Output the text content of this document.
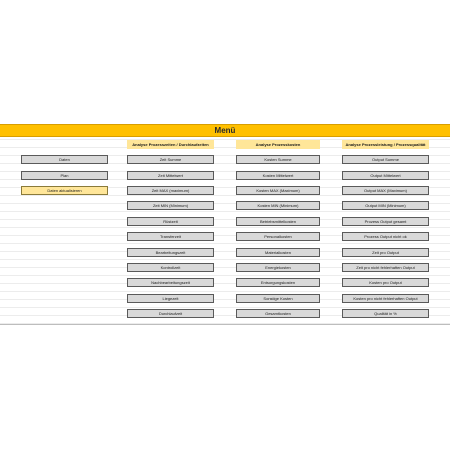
Menü
Daten
Plan
Daten aktualisieren
Analyse Prozesszeiten / Durchlaufzeiten	Analyse Prozesskosten	Analyse Prozessleistung / Prozessqualität
Zeit Summe
Zeit Mittelwert
Zeit MAX (maximum)
Zeit MIN (Minimum)
Rüstzeit
Transferzeit
Bearbeitungszeit
Kontrollzeit
Nachbearbeitungszeit
Liegezeit
Durchlaufzeit
Kosten Summe
Kosten Mittelwert
Kosten MAX (Maximum)
Kosten MIN (Minimum)
Betriebsmittelkosten
Personalkosten
Materialkosten
Energiekosten
Entsorgungskosten
Sonstige Kosten
Gesamtkosten
Output Summe
Output Mittelwert
Output MAX (Maximum)
Output MIN (Minimum)
Prozess Output gesamt
Prozess Output nicht ok
Zeit pro Output
Zeit pro nicht fehlerhaften Output
Kosten pro Output
Kosten pro nicht fehlerhaften Output
Qualität in %
